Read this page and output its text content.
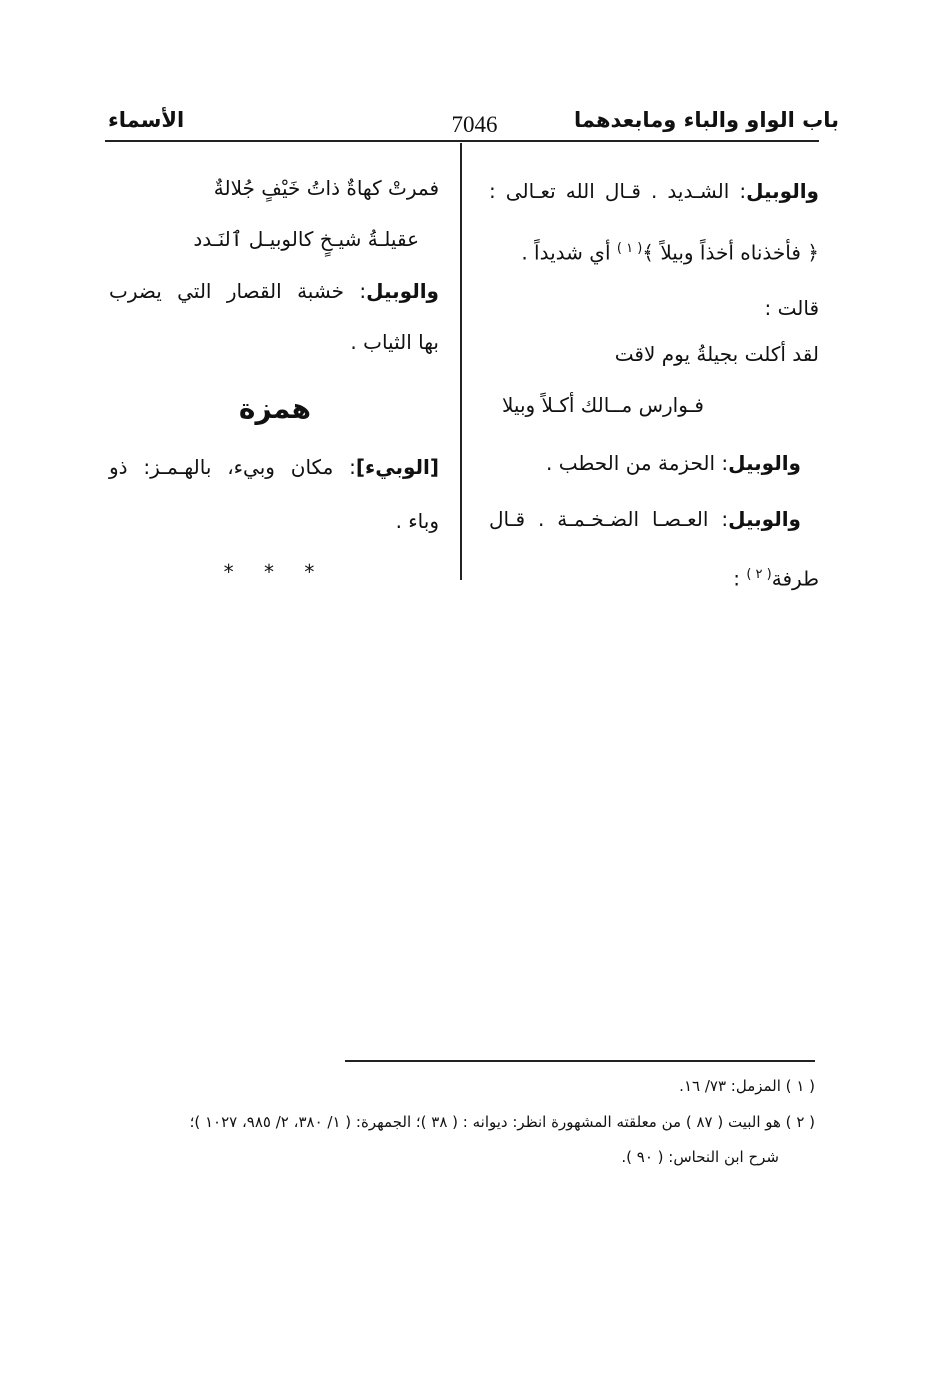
باب الواو والباء ومابعدهما
7046
الأسماء
والوبيل: الشـديد . قـال الله تعـالى :
﴿ فأخذناه أخذاً وبيلاً ﴾$^{( ١ )}$ أي شديداً .
قالت :
لقد أكلت بجيلةُ يوم لاقت
فـوارس مــالك أكـلاً وبيلا
والوبيل: الحزمة من الحطب .
والوبيل: العـصـا الضـخـمـة . قـال
طرفة$^{( ٢ )}$ :
فمرتْ كهاةٌ ذاتُ خَيْفٍ جُلالةٌ
عقيلـةُ شيـخٍ كالوبيـل ٱلنَـدد
والوبيل: خشبة القصار التي يضرب
بها الثياب .
همزة
[الوبيء]: مكان وبيء، بالهـمـز: ذو
وباء .
* * *
( ١ ) المزمل: ٧٣/ ١٦.
( ٢ ) هو البيت ( ٨٧ ) من معلقته المشهورة انظر: ديوانه : ( ٣٨ )؛ الجمهرة: ( ١/ ٣٨٠، ٢/ ٩٨٥، ١٠٢٧ )؛
شرح ابن النحاس: ( ٩٠ ).
